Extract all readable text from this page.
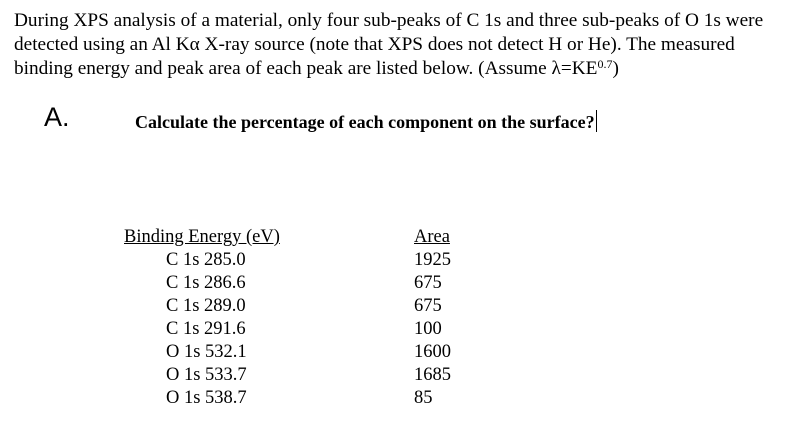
During XPS analysis of a material, only four sub-peaks of C 1s and three sub-peaks of O 1s were
detected using an Al Kα X-ray source (note that XPS does not detect H or He). The measured
binding energy and peak area of each peak are listed below. (Assume $\lambda=KE^{0.7}$)

A.	Calculate the percentage of each component on the surface?
Binding Energy (eV)	Area
C 1s 285.0	1925
C 1s 286.6	675
C 1s 289.0	675
C 1s 291.6	100
O 1s 532.1	1600
O 1s 533.7	1685
O 1s 538.7	85
